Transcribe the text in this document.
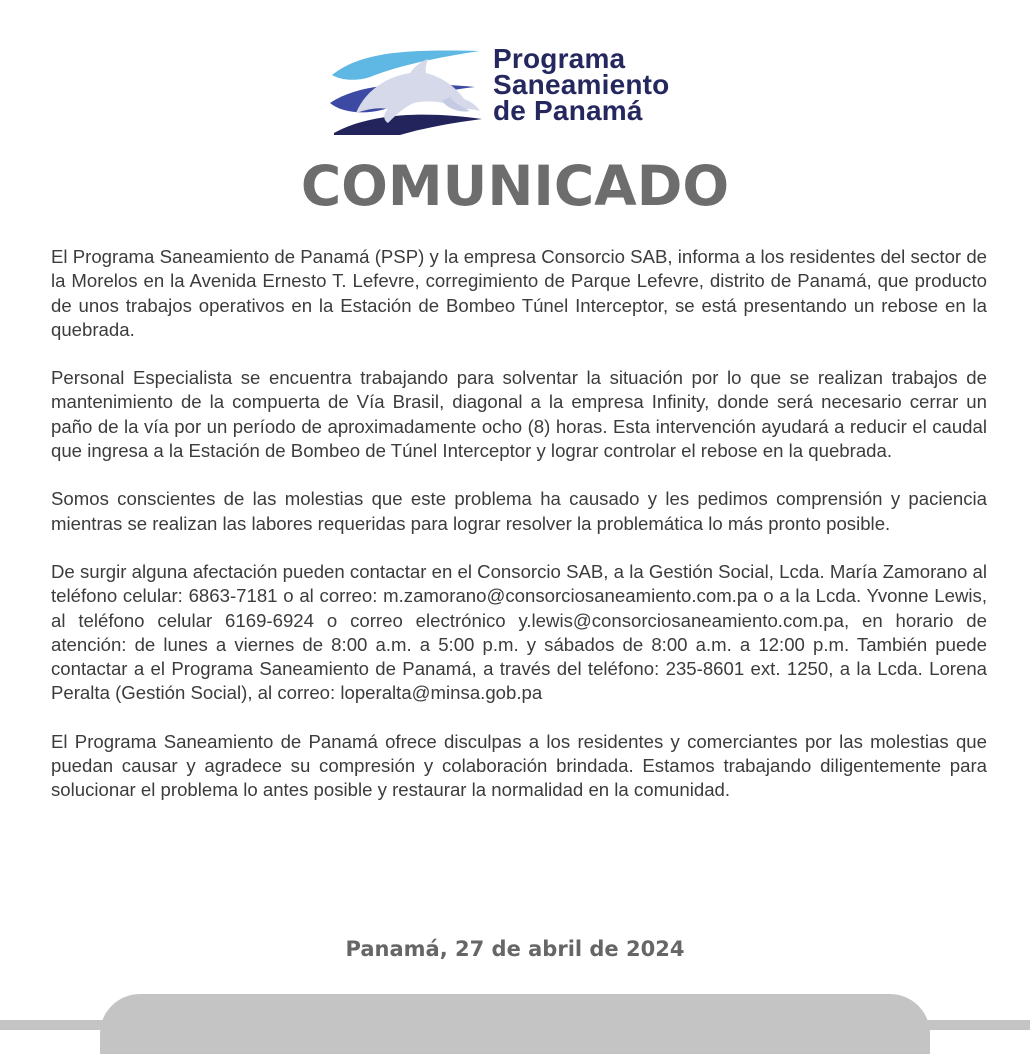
Programa
Saneamiento
de Panamá
COMUNICADO

El Programa Saneamiento de Panamá (PSP) y la empresa Consorcio SAB, informa a los residentes del sector de la Morelos en la Avenida Ernesto T. Lefevre, corregimiento de Parque Lefevre, distrito de Panamá, que producto de unos trabajos operativos en la Estación de Bombeo Túnel Interceptor, se está presentando un rebose en la quebrada.

Personal Especialista se encuentra trabajando para solventar la situación por lo que se realizan trabajos de mantenimiento de la compuerta de Vía Brasil, diagonal a la empresa Infinity, donde será necesario cerrar un paño de la vía por un período de aproximadamente ocho (8) horas. Esta intervención ayudará a reducir el caudal que ingresa a la Estación de Bombeo de Túnel Interceptor y lograr controlar el rebose en la quebrada.

Somos conscientes de las molestias que este problema ha causado y les pedimos comprensión y paciencia mientras se realizan las labores requeridas para lograr resolver la problemática lo más pronto posible.

De surgir alguna afectación pueden contactar en el Consorcio SAB, a la Gestión Social, Lcda. María Zamorano al teléfono celular: 6863-7181 o al correo: m.zamorano@consorciosaneamiento.com.pa o a la Lcda. Yvonne Lewis, al teléfono celular 6169-6924 o correo electrónico y.lewis@consorciosaneamiento.com.pa, en horario de atención: de lunes a viernes de 8:00 a.m. a 5:00 p.m. y sábados de 8:00 a.m. a 12:00 p.m. También puede contactar a el Programa Saneamiento de Panamá, a través del teléfono: 235-8601 ext. 1250, a la Lcda. Lorena Peralta (Gestión Social), al correo: loperalta@minsa.gob.pa

El Programa Saneamiento de Panamá ofrece disculpas a los residentes y comerciantes por las molestias que puedan causar y agradece su compresión y colaboración brindada. Estamos trabajando diligentemente para solucionar el problema lo antes posible y restaurar la normalidad en la comunidad.

Panamá, 27 de abril de 2024
